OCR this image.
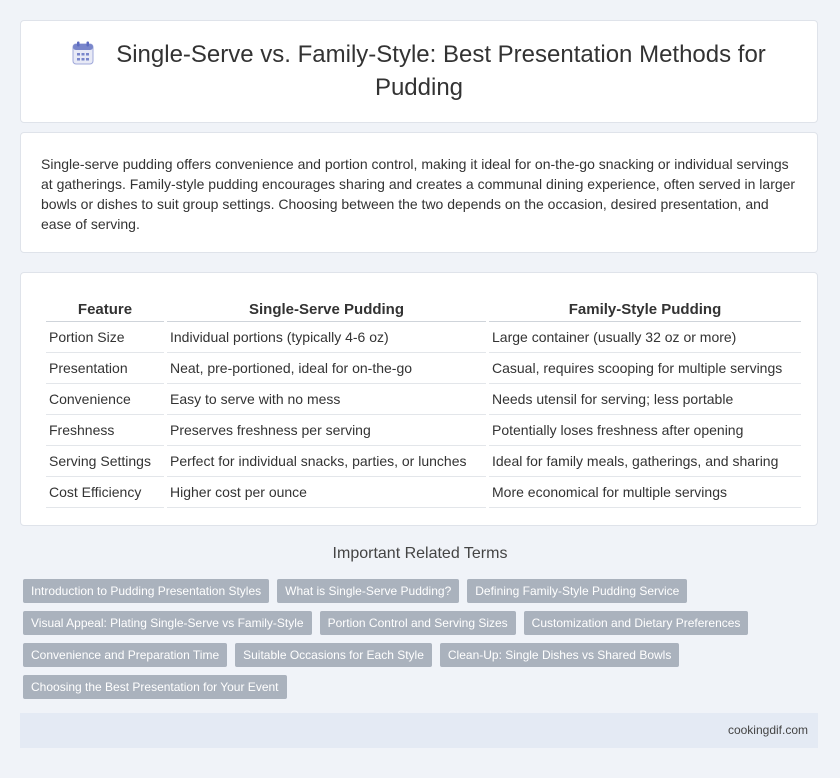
Single-Serve vs. Family-Style: Best Presentation Methods for Pudding
Single-serve pudding offers convenience and portion control, making it ideal for on-the-go snacking or individual servings at gatherings. Family-style pudding encourages sharing and creates a communal dining experience, often served in larger bowls or dishes to suit group settings. Choosing between the two depends on the occasion, desired presentation, and ease of serving.
Feature	Single-Serve Pudding	Family-Style Pudding
Portion Size	Individual portions (typically 4-6 oz)	Large container (usually 32 oz or more)
Presentation	Neat, pre-portioned, ideal for on-the-go	Casual, requires scooping for multiple servings
Convenience	Easy to serve with no mess	Needs utensil for serving; less portable
Freshness	Preserves freshness per serving	Potentially loses freshness after opening
Serving Settings	Perfect for individual snacks, parties, or lunches	Ideal for family meals, gatherings, and sharing
Cost Efficiency	Higher cost per ounce	More economical for multiple servings
Important Related Terms
Introduction to Pudding Presentation Styles	What is Single-Serve Pudding?	Defining Family-Style Pudding Service
Visual Appeal: Plating Single-Serve vs Family-Style	Portion Control and Serving Sizes	Customization and Dietary Preferences
Convenience and Preparation Time	Suitable Occasions for Each Style	Clean-Up: Single Dishes vs Shared Bowls
Choosing the Best Presentation for Your Event
cookingdif.com
